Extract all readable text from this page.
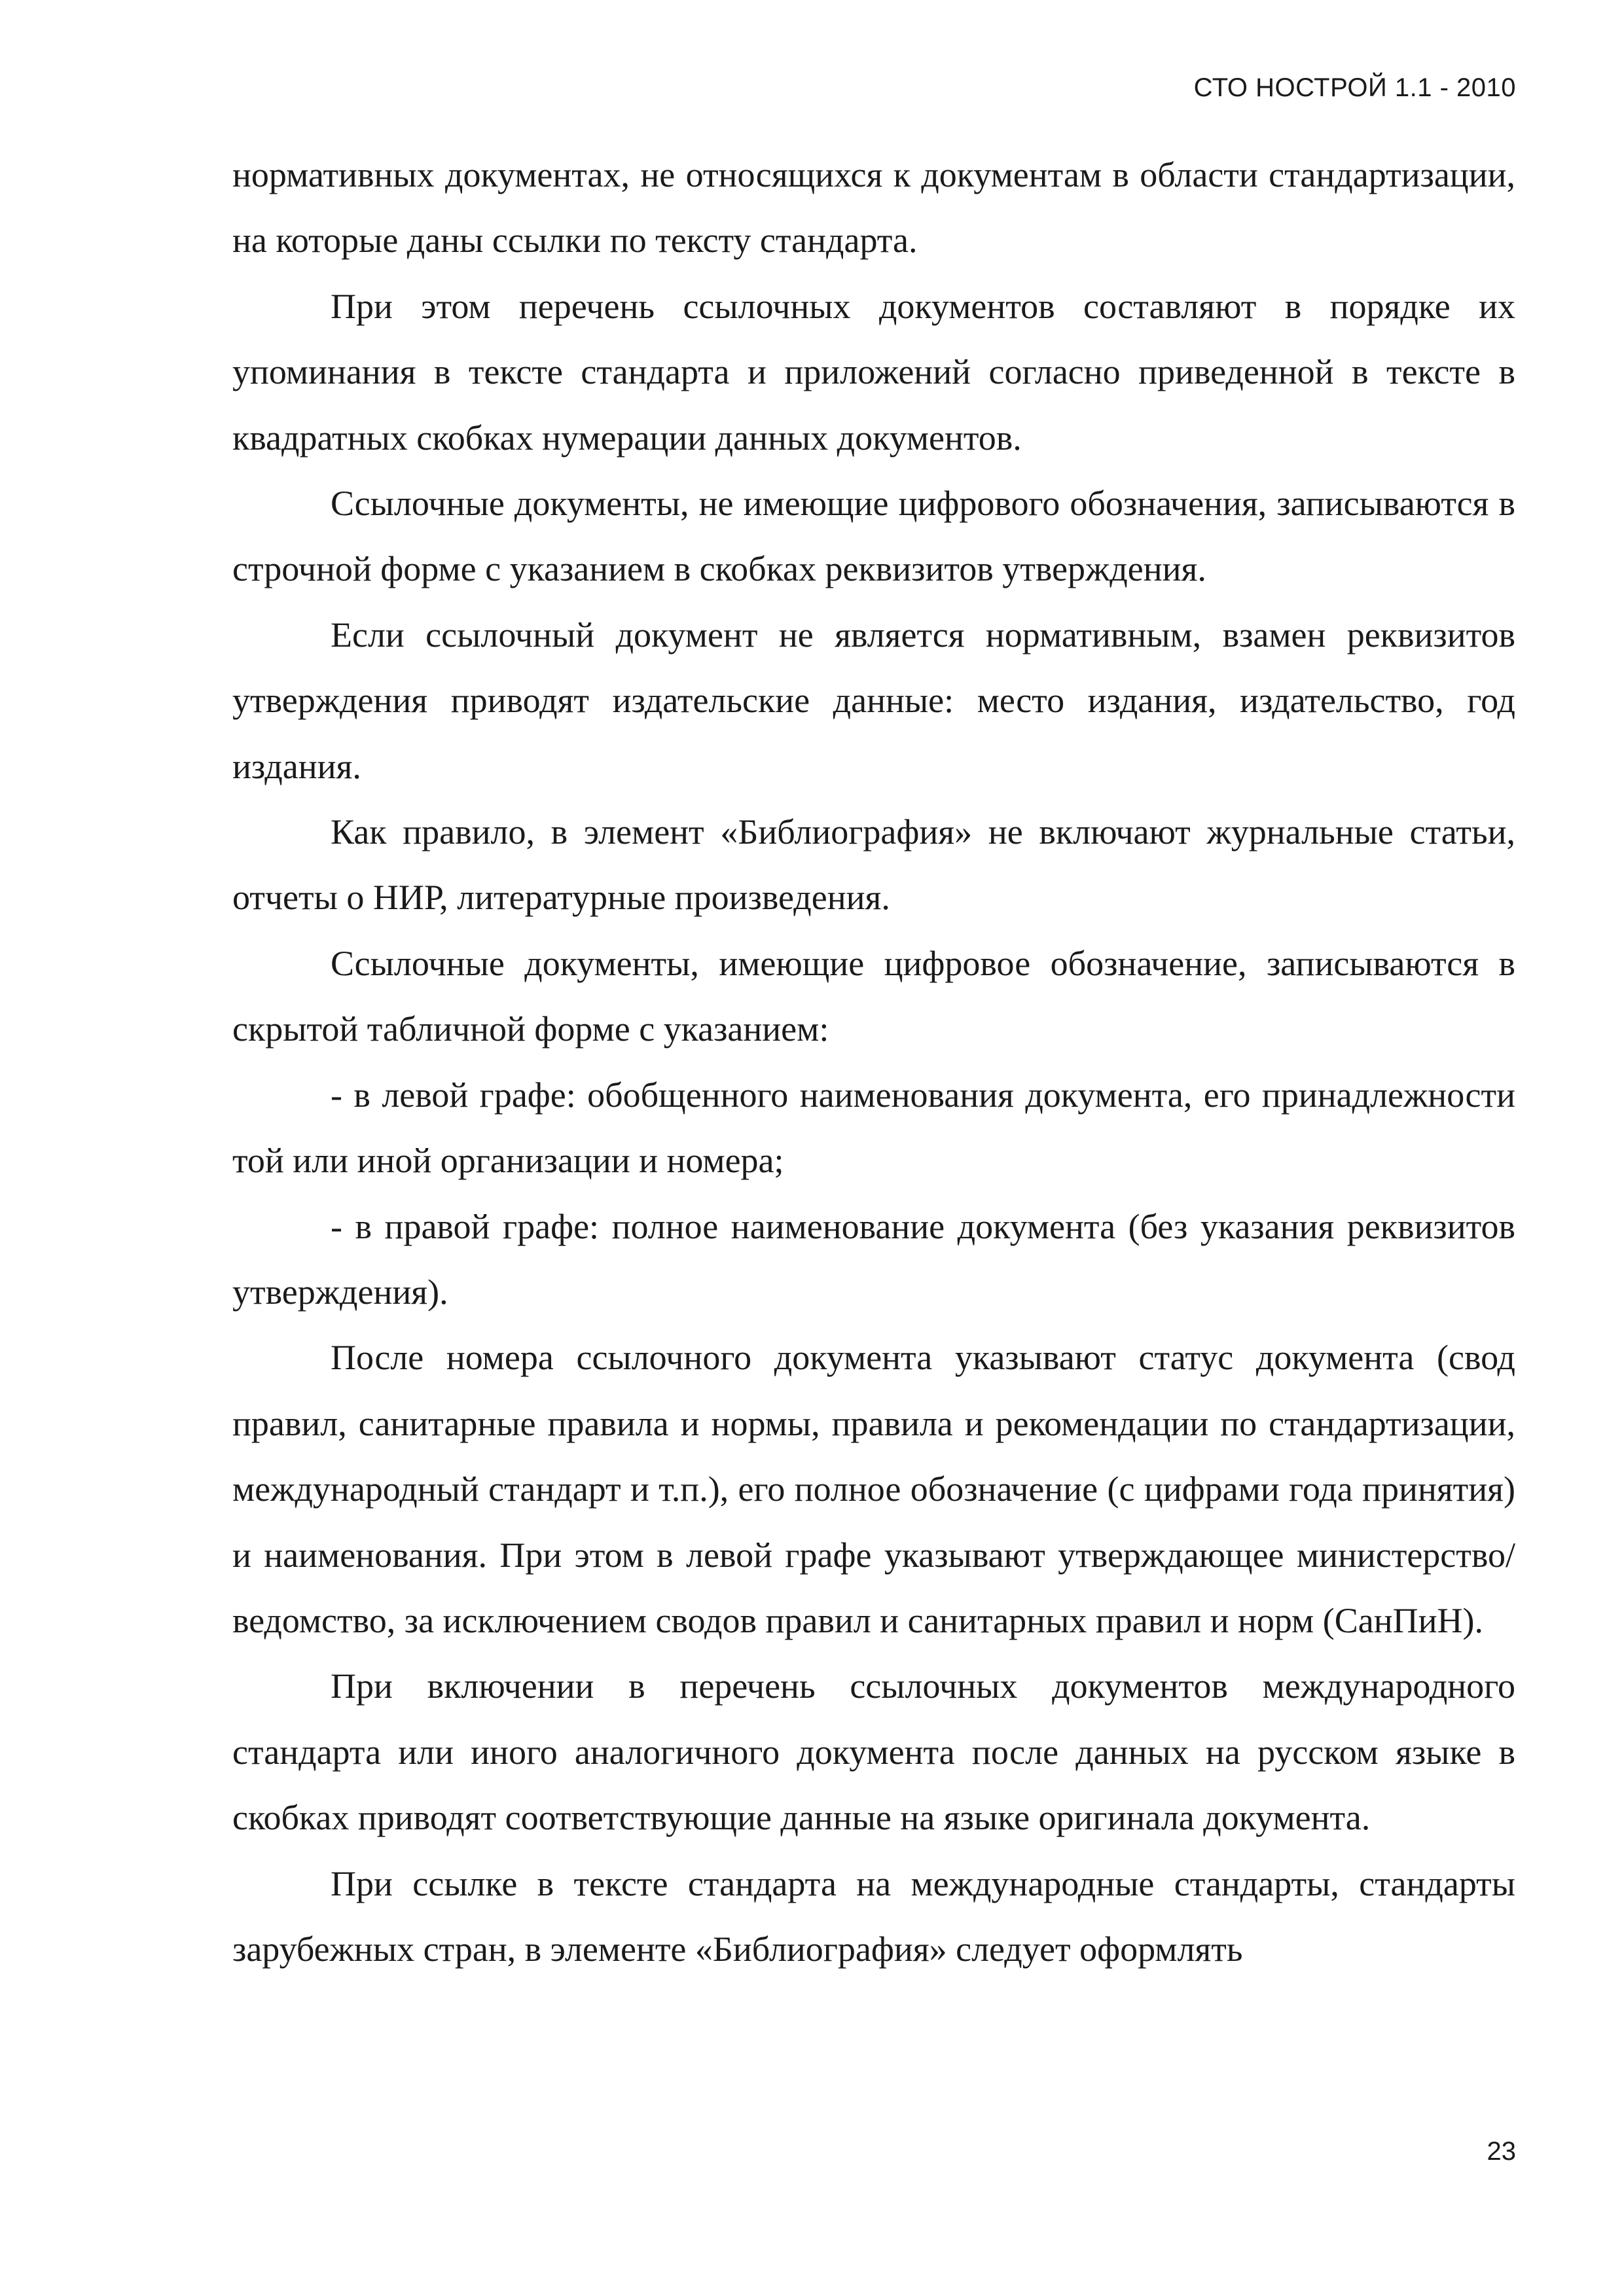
СТО НОСТРОЙ 1.1 - 2010

нормативных документах, не относящихся к документам в области стандартизации, на которые даны ссылки по тексту стандарта.

При этом перечень ссылочных документов составляют в порядке их упоминания в тексте стандарта и приложений согласно приведенной в тексте в квадратных скобках нумерации данных документов.

Ссылочные документы, не имеющие цифрового обозначения, записываются в строчной форме с указанием в скобках реквизитов утверждения.

Если ссылочный документ не является нормативным, взамен реквизитов утверждения приводят издательские данные: место издания, издательство, год издания.

Как правило, в элемент «Библиография» не включают журнальные статьи, отчеты о НИР, литературные произведения.

Ссылочные документы, имеющие цифровое обозначение, записываются в скрытой табличной форме с указанием:

- в левой графе: обобщенного наименования документа, его принадлежности той или иной организации и номера;

- в правой графе: полное наименование документа (без указания реквизитов утверждения).

После номера ссылочного документа указывают статус документа (свод правил, санитарные правила и нормы, правила и рекомендации по стандартизации, международный стандарт и т.п.), его полное обозначение (с цифрами года принятия) и наименования. При этом в левой графе указывают утверждающее министерство/ведомство, за исключением сводов правил и санитарных правил и норм (СанПиН).

При включении в перечень ссылочных документов международного стандарта или иного аналогичного документа после данных на русском языке в скобках приводят соответствующие данные на языке оригинала документа.

При ссылке в тексте стандарта на международные стандарты, стандарты зарубежных стран, в элементе «Библиография» следует оформлять

23
